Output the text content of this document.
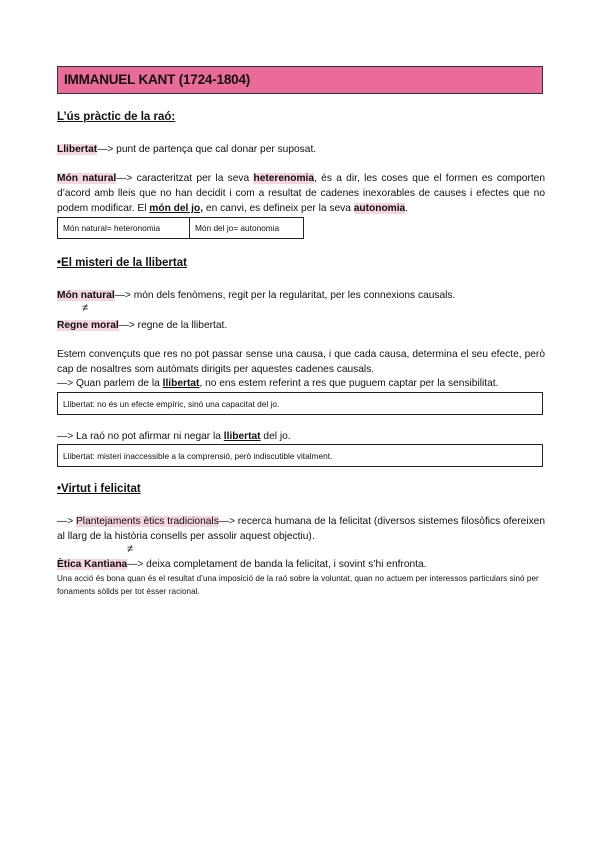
IMMANUEL KANT (1724-1804)
L’ús pràctic de la raó:
Llibertat—> punt de partença que cal donar per suposat.
Món natural—> caracteritzat per la seva heterenomia, és a dir, les coses que el formen es comporten d’acord amb lleis que no han decidit i com a resultat de cadenes inexorables de causes i efectes que no podem modificar. El món del jo, en canvi, es defineix per la seva autonomia.
Món natural= heteronomia	Món del jo= autonomia
•El misteri de la llibertat
Món natural—> món dels fenòmens, regit per la regularitat, per les connexions causals.
≠
Regne moral—> regne de la llibertat.
Estem convençuts que res no pot passar sense una causa, i que cada causa, determina el seu efecte, però cap de nosaltres som autòmats dirigits per aquestes cadenes causals.
—> Quan parlem de la llibertat, no ens estem referint a res que puguem captar per la sensibilitat.
Llibertat: no és un efecte empíric, sinó una capacitat del jo.
—> La raó no pot afirmar ni negar la llibertat del jo.
Llibertat: misteri inaccessible a la comprensió, però indiscutible vitalment.
•Virtut i felicitat
—> Plantejaments ètics tradicionals—> recerca humana de la felicitat (diversos sistemes filosòfics ofereixen al llarg de la història consells per assolir aquest objectiu).
≠
Ètica Kantiana—> deixa completament de banda la felicitat, i sovint s’hi enfronta.
Una acció és bona quan és el resultat d’una imposició de la raó sobre la voluntat, quan no actuem per interessos particulars sinó per fonaments sòlids per tot ésser racional.
